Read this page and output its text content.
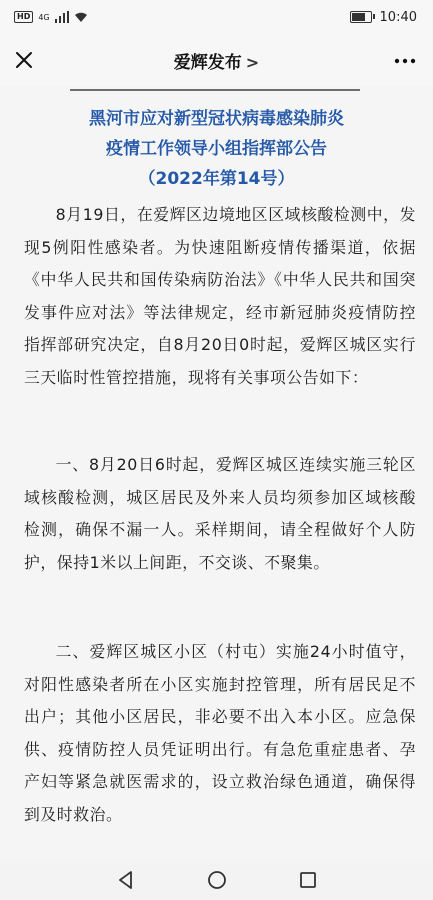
HD	4G	10:40
爱辉发布 >
黑河市应对新型冠状病毒感染肺炎
疫情工作领导小组指挥部公告
（2022年第14号）

8月19日，在爱辉区边境地区区域核酸检测中，发现5例阳性感染者。为快速阻断疫情传播渠道，依据《中华人民共和国传染病防治法》《中华人民共和国突发事件应对法》等法律规定，经市新冠肺炎疫情防控指挥部研究决定，自8月20日0时起，爱辉区城区实行三天临时性管控措施，现将有关事项公告如下：

一、8月20日6时起，爱辉区城区连续实施三轮区域核酸检测，城区居民及外来人员均须参加区域核酸检测，确保不漏一人。采样期间，请全程做好个人防护，保持1米以上间距，不交谈、不聚集。

二、爱辉区城区小区（村屯）实施24小时值守，对阳性感染者所在小区实施封控管理，所有居民足不出户；其他小区居民，非必要不出入本小区。应急保供、疫情防控人员凭证明出行。有急危重症患者、孕产妇等紧急就医需求的，设立救治绿色通道，确保得到及时救治。
